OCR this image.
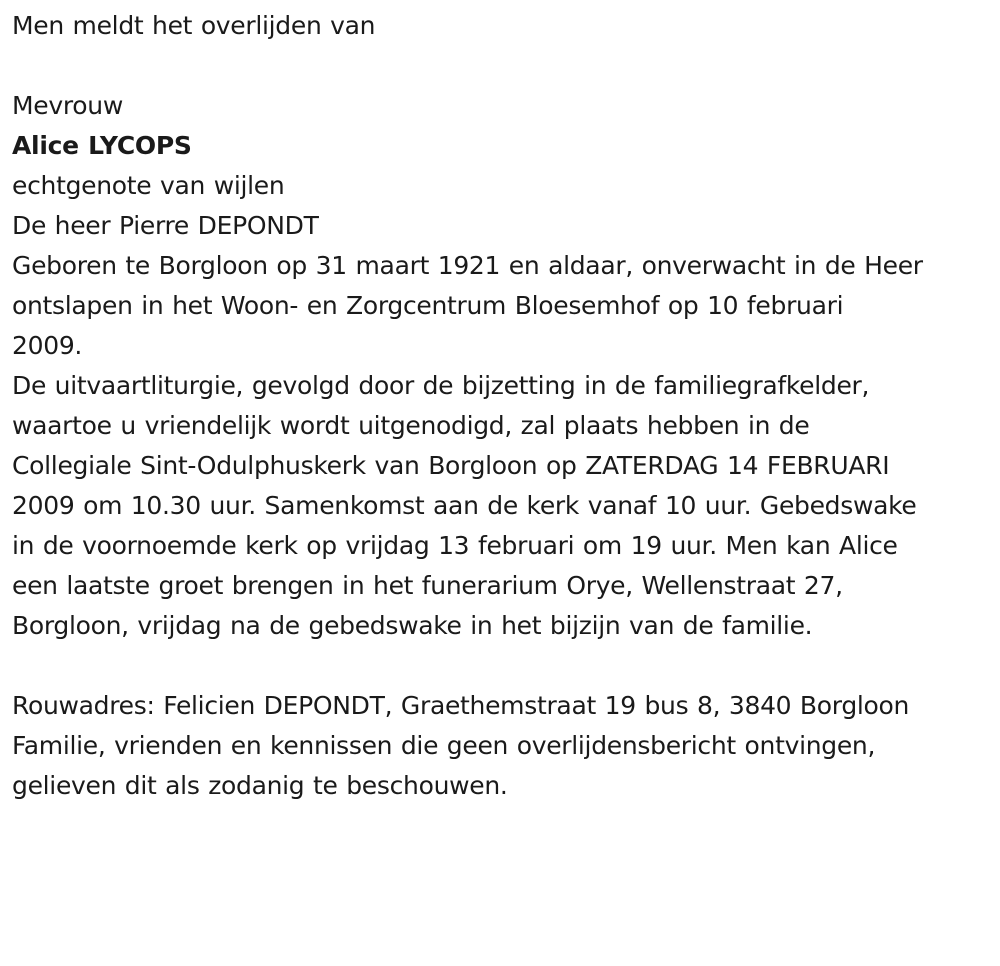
Men meldt het overlijden van

Mevrouw

Alice LYCOPS

echtgenote van wijlen

De heer Pierre DEPONDT

Geboren te Borgloon op 31 maart 1921 en aldaar, onverwacht in de Heer
ontslapen in het Woon- en Zorgcentrum Bloesemhof op 10 februari
2009.
De uitvaartliturgie, gevolgd door de bijzetting in de familiegrafkelder,
waartoe u vriendelijk wordt uitgenodigd, zal plaats hebben in de
Collegiale Sint-Odulphuskerk van Borgloon op ZATERDAG 14 FEBRUARI
2009 om 10.30 uur. Samenkomst aan de kerk vanaf 10 uur. Gebedswake
in de voornoemde kerk op vrijdag 13 februari om 19 uur. Men kan Alice
een laatste groet brengen in het funerarium Orye, Wellenstraat 27,
Borgloon, vrijdag na de gebedswake in het bijzijn van de familie.

Rouwadres: Felicien DEPONDT, Graethemstraat 19 bus 8, 3840 Borgloon

Familie, vrienden en kennissen die geen overlijdensbericht ontvingen,
gelieven dit als zodanig te beschouwen.
